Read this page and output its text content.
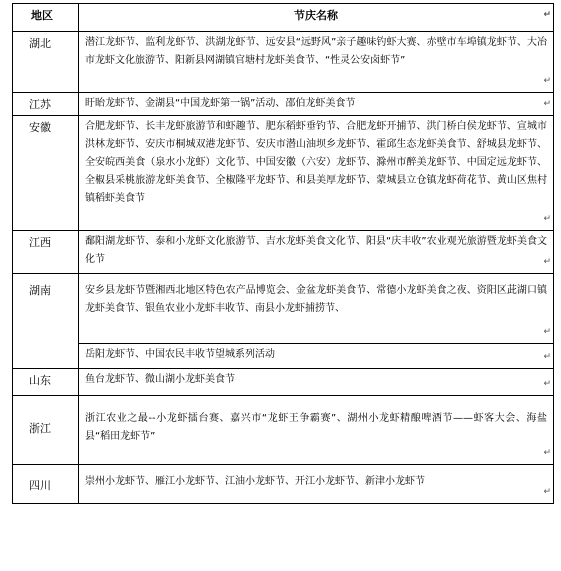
地区	节庆名称 ↵

湖北	潜江龙虾节、监利龙虾节、洪湖龙虾节、远安县“远野风”亲子趣味钓虾大赛、赤壁市车埠镇龙虾节、大冶市龙虾文化旅游节、阳新县网湖镇官塘村龙虾美食节、“性灵公安卤虾节”
↵

江苏	盱眙龙虾节、金湖县“中国龙虾第一锅”活动、邵伯龙虾美食节 ↵

安徽	合肥龙虾节、长丰龙虾旅游节和虾趣节、肥东稻虾垂钓节、合肥龙虾开捕节、洪门桥白侯龙虾节、宣城市洪林龙虾节、安庆市桐城双港龙虾节、安庆市潜山油坝乡龙虾节、霍邱生态龙虾美食节、舒城县龙虾节、全安皖西美食（泉水小龙虾）文化节、中国安徽（六安）龙虾节、滁州市醉美龙虾节、中国定远龙虾节、全椒县采桃旅游龙虾美食节、全椒隆平龙虾节、和县美厚龙虾节、蒙城县立仓镇龙虾荷花节、黄山区焦村镇稻虾美食节
↵

江西	鄱阳湖龙虾节、泰和小龙虾文化旅游节、吉水龙虾美食文化节、阳县“庆丰收”农业观光旅游暨龙虾美食文化节 ↵

湖南	安乡县龙虾节暨湘西北地区特色农产品博览会、金盆龙虾美食节、常德小龙虾美食之夜、资阳区茈湖口镇龙虾美食节、银鱼农业小龙虾丰收节、南县小龙虾捕捞节、
↵

	岳阳龙虾节、中国农民丰收节望城系列活动 ↵

山东	鱼台龙虾节、微山湖小龙虾美食节 ↵

浙江	浙江农业之最--小龙虾擂台赛、嘉兴市“龙虾王争霸赛”、湖州小龙虾精酿啤酒节——虾客大会、海盐县“稻田龙虾节”
↵

四川	崇州小龙虾节、雁江小龙虾节、江油小龙虾节、开江小龙虾节、新津小龙虾节
↵
